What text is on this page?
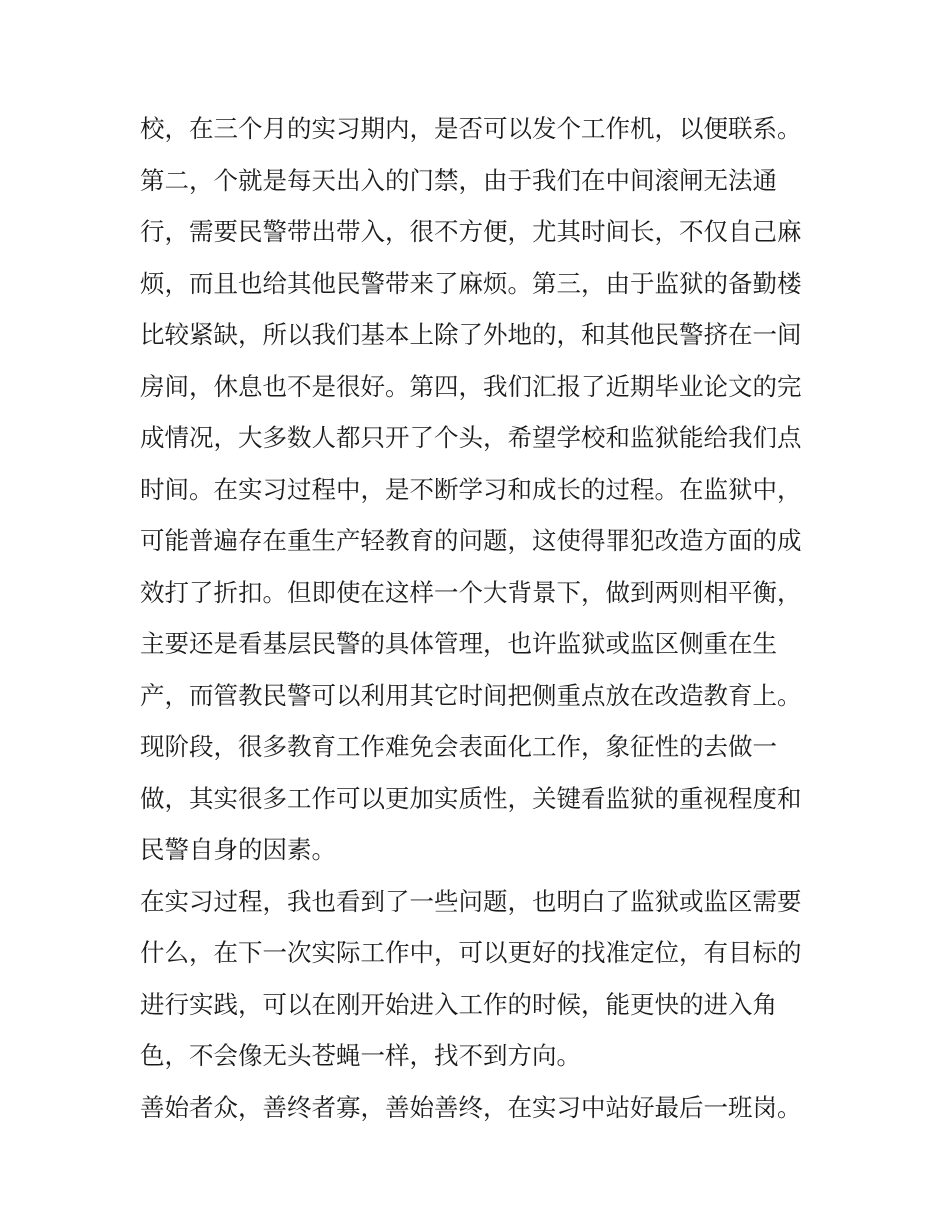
校，在三个月的实习期内，是否可以发个工作机，以便联系。
第二，个就是每天出入的门禁，由于我们在中间滚闸无法通
行，需要民警带出带入，很不方便，尤其时间长，不仅自己麻
烦，而且也给其他民警带来了麻烦。第三，由于监狱的备勤楼
比较紧缺，所以我们基本上除了外地的，和其他民警挤在一间
房间，休息也不是很好。第四，我们汇报了近期毕业论文的完
成情况，大多数人都只开了个头，希望学校和监狱能给我们点
时间。在实习过程中，是不断学习和成长的过程。在监狱中，
可能普遍存在重生产轻教育的问题，这使得罪犯改造方面的成
效打了折扣。但即使在这样一个大背景下，做到两则相平衡，
主要还是看基层民警的具体管理，也许监狱或监区侧重在生
产，而管教民警可以利用其它时间把侧重点放在改造教育上。
现阶段，很多教育工作难免会表面化工作，象征性的去做一
做，其实很多工作可以更加实质性，关键看监狱的重视程度和
民警自身的因素。
在实习过程，我也看到了一些问题，也明白了监狱或监区需要
什么，在下一次实际工作中，可以更好的找准定位，有目标的
进行实践，可以在刚开始进入工作的时候，能更快的进入角
色，不会像无头苍蝇一样，找不到方向。
善始者众，善终者寡，善始善终，在实习中站好最后一班岗。
